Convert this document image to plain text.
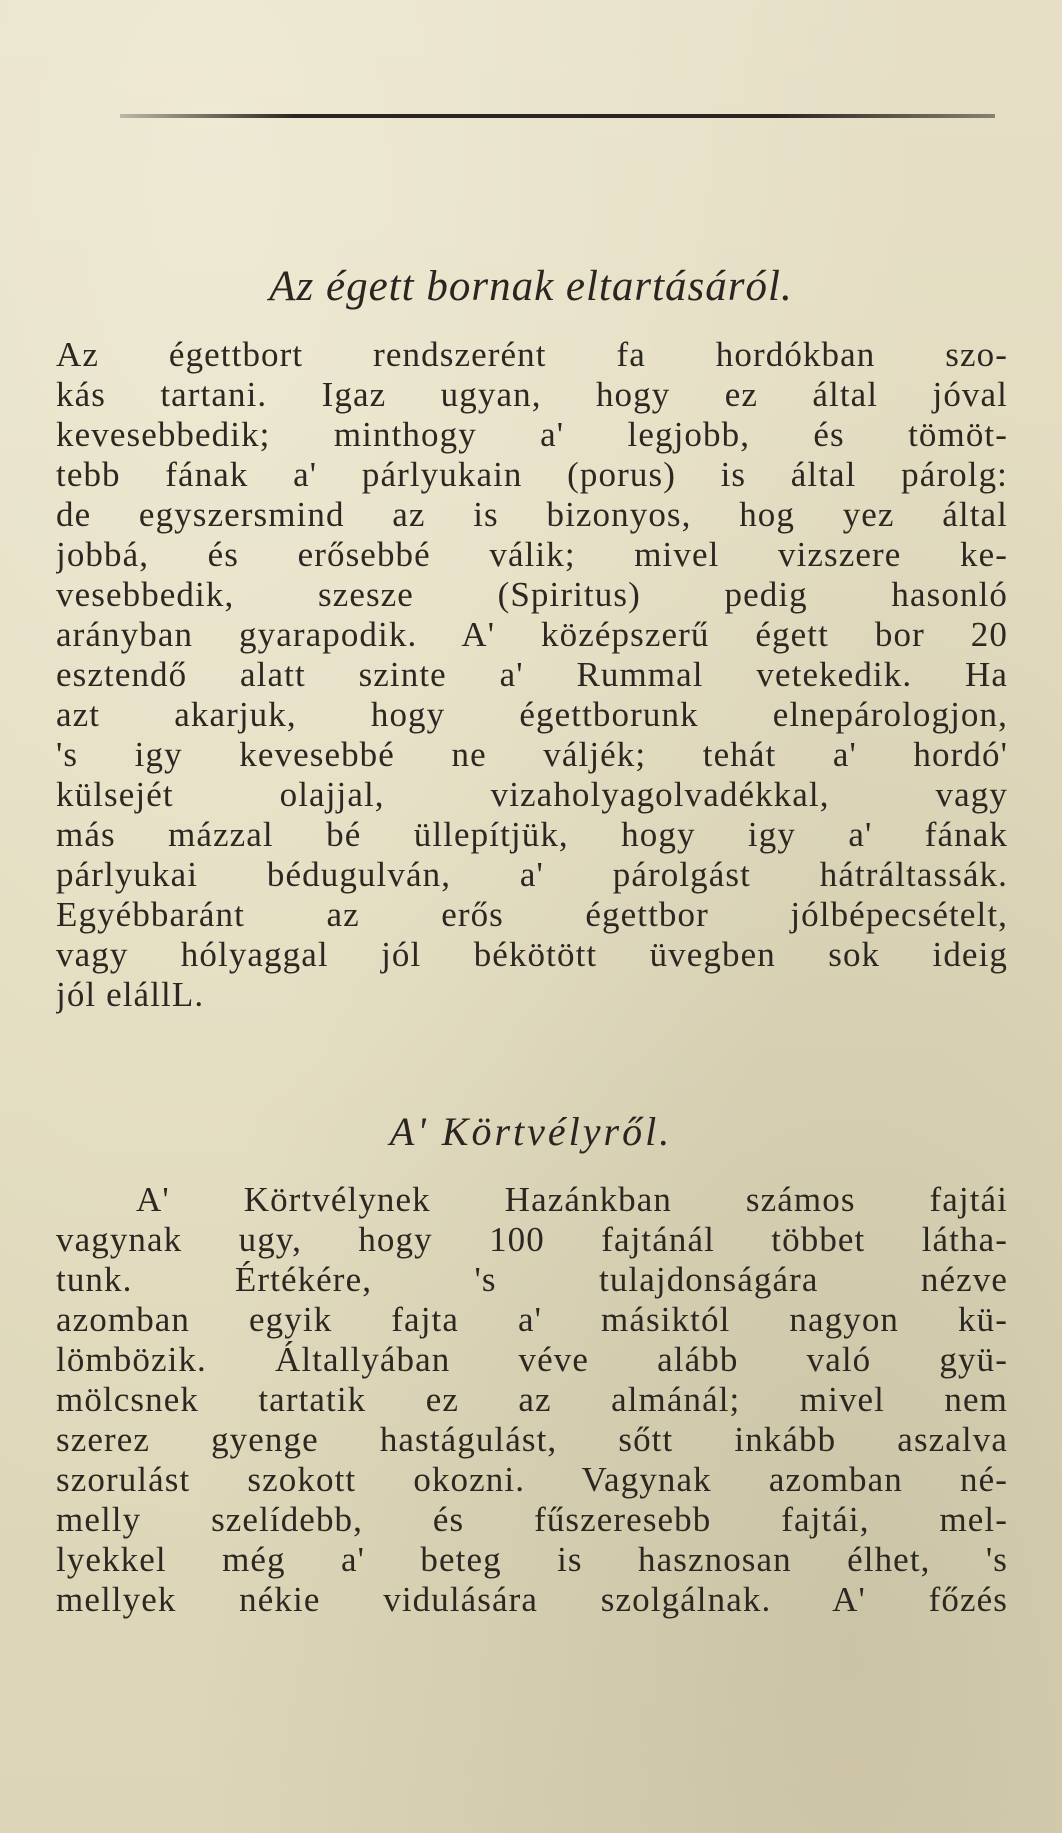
Az égett bornak eltartásáról.
Az égettbort rendszerént fa hordókban szo-
kás tartani. Igaz ugyan, hogy ez által jóval
kevesebbedik; minthogy a' legjobb, és tömöt-
tebb fának a' párlyukain (porus) is által párolg:
de egyszersmind az is bizonyos, hog yez által
jobbá, és erősebbé válik; mivel vizszere ke-
vesebbedik, szesze (Spiritus) pedig hasonló
arányban gyarapodik. A' középszerű égett bor 20
esztendő alatt szinte a' Rummal vetekedik. Ha
azt akarjuk, hogy égettborunk elnepárologjon,
's igy kevesebbé ne váljék; tehát a' hordó'
külsejét olajjal, vizaholyagolvadékkal, vagy
más mázzal bé üllepítjük, hogy igy a' fának
párlyukai bédugulván, a' párolgást hátráltassák.
Egyébbaránt az erős égettbor jólbépecsételt,
vagy hólyaggal jól békötött üvegben sok ideig
jól elállL.
A' Körtvélyről.
A' Körtvélynek Hazánkban számos fajtái
vagynak ugy, hogy 100 fajtánál többet látha-
tunk. Értékére, 's tulajdonságára nézve
azomban egyik fajta a' másiktól nagyon kü-
lömbözik. Általlyában véve alább való gyü-
mölcsnek tartatik ez az almánál; mivel nem
szerez gyenge hastágulást, sőtt inkább aszalva
szorulást szokott okozni. Vagynak azomban né-
melly szelídebb, és fűszeresebb fajtái, mel-
lyekkel még a' beteg is hasznosan élhet, 's
mellyek nékie vidulására szolgálnak. A' főzés
